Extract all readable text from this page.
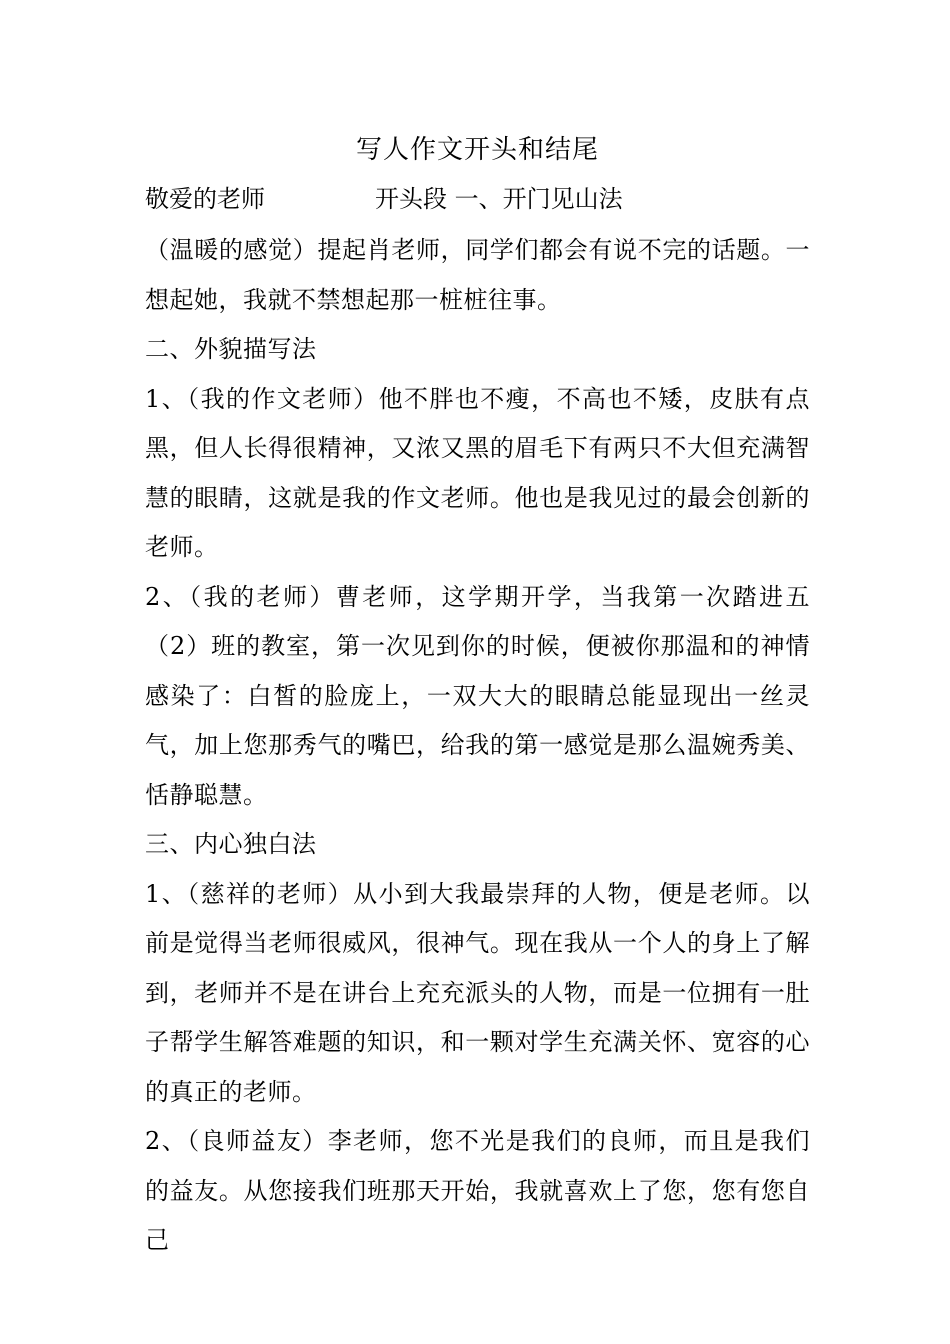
写人作文开头和结尾
敬爱的老师	开头段 一、开门见山法

（温暖的感觉）提起肖老师，同学们都会有说不完的话题。一想起她，我就不禁想起那一桩桩往事。

二、外貌描写法

1、（我的作文老师）他不胖也不瘦，不高也不矮，皮肤有点黑，但人长得很精神，又浓又黑的眉毛下有两只不大但充满智慧的眼睛，这就是我的作文老师。他也是我见过的最会创新的老师。

2、（我的老师）曹老师，这学期开学，当我第一次踏进五（2）班的教室，第一次见到你的时候，便被你那温和的神情感染了：白皙的脸庞上，一双大大的眼睛总能显现出一丝灵气，加上您那秀气的嘴巴，给我的第一感觉是那么温婉秀美、恬静聪慧。

三、内心独白法

1、（慈祥的老师）从小到大我最崇拜的人物，便是老师。以前是觉得当老师很威风，很神气。现在我从一个人的身上了解到，老师并不是在讲台上充充派头的人物，而是一位拥有一肚子帮学生解答难题的知识，和一颗对学生充满关怀、宽容的心的真正的老师。

2、（良师益友）李老师，您不光是我们的良师，而且是我们的益友。从您接我们班那天开始，我就喜欢上了您，您有您自己
